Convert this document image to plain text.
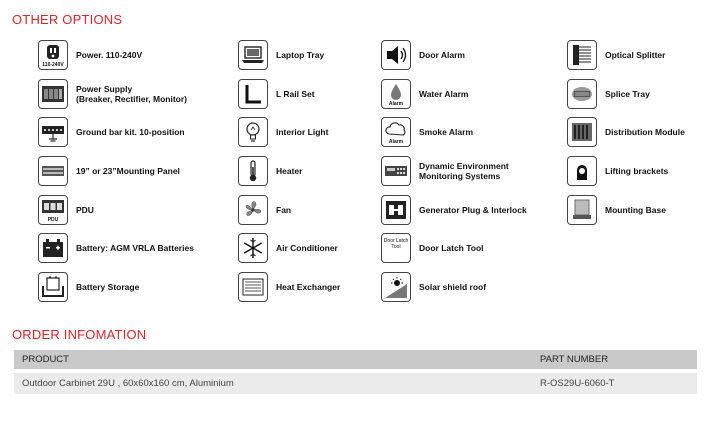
OTHER OPTIONS
110-240V
Power. 110-240V
Power Supply
(Breaker, Rectifier, Monitor)
Ground bar kit. 10-position
19” or 23”Mounting Panel
PDU
PDU
Battery: AGM VRLA Batteries
Battery Storage
Laptop Tray
L Rail Set
Interior Light
Heater
Fan
Air Conditioner
Heat Exchanger
Door Alarm
Alarm
Water Alarm
Alarm
Smoke Alarm
Dynamic Environment
Monitoring Systems
Generator Plug & Interlock
Door Latch
Tool	Door Latch Tool
Solar shield roof
Optical Splitter
Splice Tray
Distribution Module
Lifting brackets
Mounting Base
ORDER INFOMATION
PRODUCT	PART NUMBER
Outdoor Carbinet 29U , 60x60x160 cm, Aluminium	R-OS29U-6060-T
